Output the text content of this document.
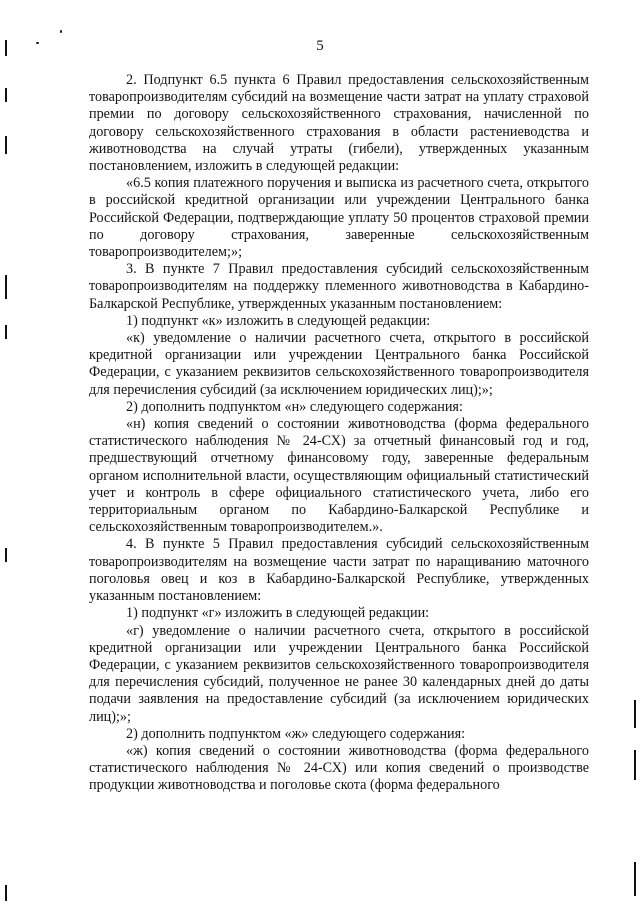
5

2. Подпункт 6.5 пункта 6 Правил предоставления сельскохозяйственным товаропроизводителям субсидий на возмещение части затрат на уплату страховой премии по договору сельскохозяйственного страхования, начисленной по договору сельскохозяйственного страхования в области растениеводства и животноводства на случай утраты (гибели), утвержденных указанным постановлением, изложить в следующей редакции:

«6.5 копия платежного поручения и выписка из расчетного счета, открытого в российской кредитной организации или учреждении Центрального банка Российской Федерации, подтверждающие уплату 50 процентов страховой премии по договору страхования, заверенные сельскохозяйственным товаропроизводителем;»;

3. В пункте 7 Правил предоставления субсидий сельскохозяйственным товаропроизводителям на поддержку племенного животноводства в Кабардино-Балкарской Республике, утвержденных указанным постановлением:

1) подпункт «к» изложить в следующей редакции:

«к) уведомление о наличии расчетного счета, открытого в российской кредитной организации или учреждении Центрального банка Российской Федерации, с указанием реквизитов сельскохозяйственного товаропроизводителя для перечисления субсидий (за исключением юридических лиц);»;

2) дополнить подпунктом «н» следующего содержания:

«н) копия сведений о состоянии животноводства (форма федерального статистического наблюдения № 24-СХ) за отчетный финансовый год и год, предшествующий отчетному финансовому году, заверенные федеральным органом исполнительной власти, осуществляющим официальный статистический учет и контроль в сфере официального статистического учета, либо его территориальным органом по Кабардино-Балкарской Республике и сельскохозяйственным товаропроизводителем.».

4. В пункте 5 Правил предоставления субсидий сельскохозяйственным товаропроизводителям на возмещение части затрат по наращиванию маточного поголовья овец и коз в Кабардино-Балкарской Республике, утвержденных указанным постановлением:

1) подпункт «г» изложить в следующей редакции:

«г) уведомление о наличии расчетного счета, открытого в российской кредитной организации или учреждении Центрального банка Российской Федерации, с указанием реквизитов сельскохозяйственного товаропроизводителя для перечисления субсидий, полученное не ранее 30 календарных дней до даты подачи заявления на предоставление субсидий (за исключением юридических лиц);»;

2) дополнить подпунктом «ж» следующего содержания:

«ж) копия сведений о состоянии животноводства (форма федерального статистического наблюдения № 24-СХ) или копия сведений о производстве продукции животноводства и поголовье скота (форма федерального
